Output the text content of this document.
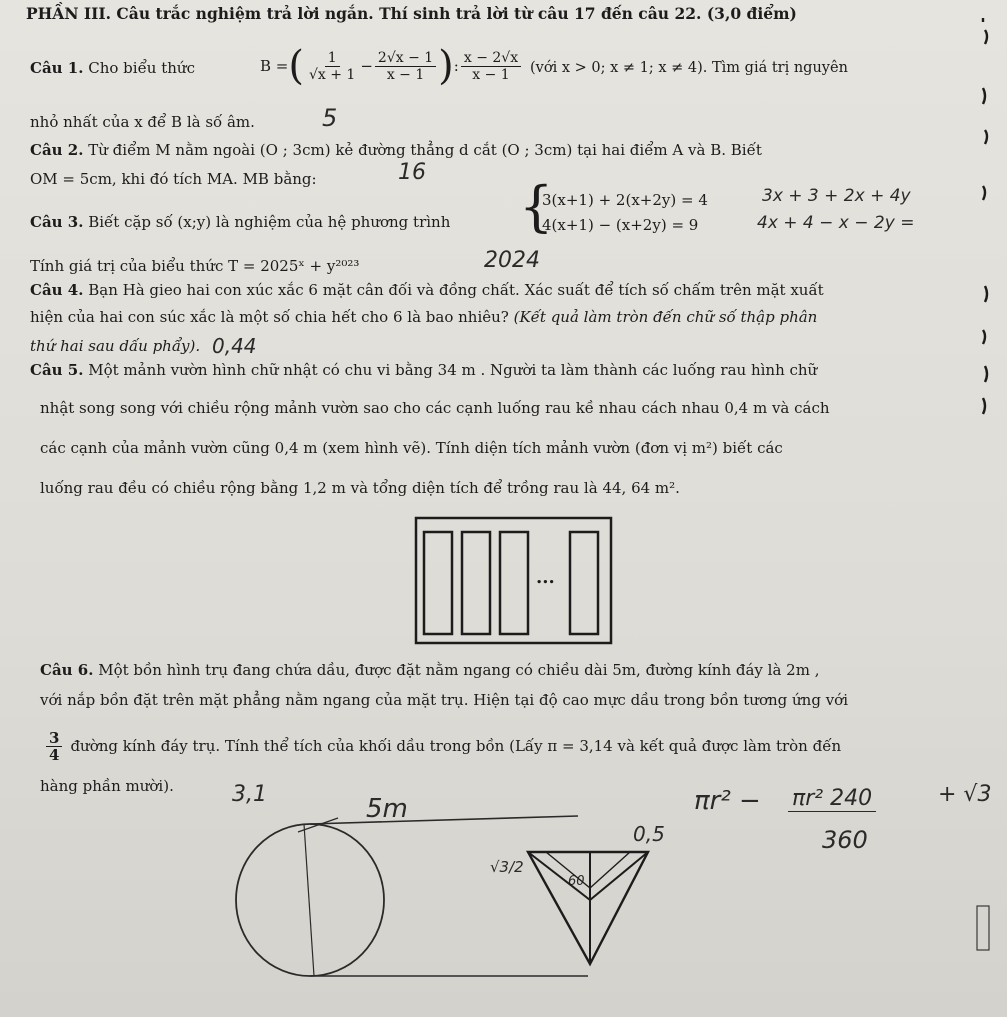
PHẦN III. Câu trắc nghiệm trả lời ngắn. Thí sinh trả lời từ câu 17 đến câu 22. (3,0 điểm)
Câu 1. Cho biểu thức	B = ( $\frac{1}{√x + 1} - \frac{2√x - 1}{x - 1}$ ) : $\frac{x - 2√x}{x - 1}$ (với x > 0; x ≠ 1; x ≠ 4). Tìm giá trị nguyên
nhỏ nhất của x để B là số âm.
Câu 2. Từ điểm M nằm ngoài (O ; 3cm) kẻ đường thẳng d cắt (O ; 3cm) tại hai điểm A và B. Biết
OM = 5cm, khi đó tích MA. MB bằng:
Câu 3. Biết cặp số (x;y) là nghiệm của hệ phương trình {
3(x+1) + 2(x+2y) = 4
4(x+1) − (x+2y) = 9
Tính giá trị của biểu thức T = 2025ˣ + y²⁰²³
Câu 4. Bạn Hà gieo hai con xúc xắc 6 mặt cân đối và đồng chất. Xác suất để tích số chấm trên mặt xuất
hiện của hai con súc xắc là một số chia hết cho 6 là bao nhiêu? (Kết quả làm tròn đến chữ số thập phân
thứ hai sau dấu phẩy).
Câu 5. Một mảnh vườn hình chữ nhật có chu vi bằng 34 m . Người ta làm thành các luống rau hình chữ
nhật song song với chiều rộng mảnh vườn sao cho các cạnh luống rau kề nhau cách nhau 0,4 m và cách
các cạnh của mảnh vườn cũng 0,4 m (xem hình vẽ). Tính diện tích mảnh vườn (đơn vị m²) biết các
luống rau đều có chiều rộng bằng 1,2 m và tổng diện tích để trồng rau là 44, 64 m².
...
Câu 6. Một bồn hình trụ đang chứa dầu, được đặt nằm ngang có chiều dài 5m, đường kính đáy là 2m ,
với nắp bồn đặt trên mặt phẳng nằm ngang của mặt trụ. Hiện tại độ cao mực dầu trong bồn tương ứng với
$\frac{3}{4}$ đường kính đáy trụ. Tính thể tích của khối dầu trong bồn (Lấy π = 3,14 và kết quả được làm tròn đến
hàng phần mười).
5
16
3x + 3 + 2x + 4y
4x + 4 − x − 2y =
2024
0,44
3,1	5m
0,5
√3/2
60
πr² − πr² 240
360
+ √3
